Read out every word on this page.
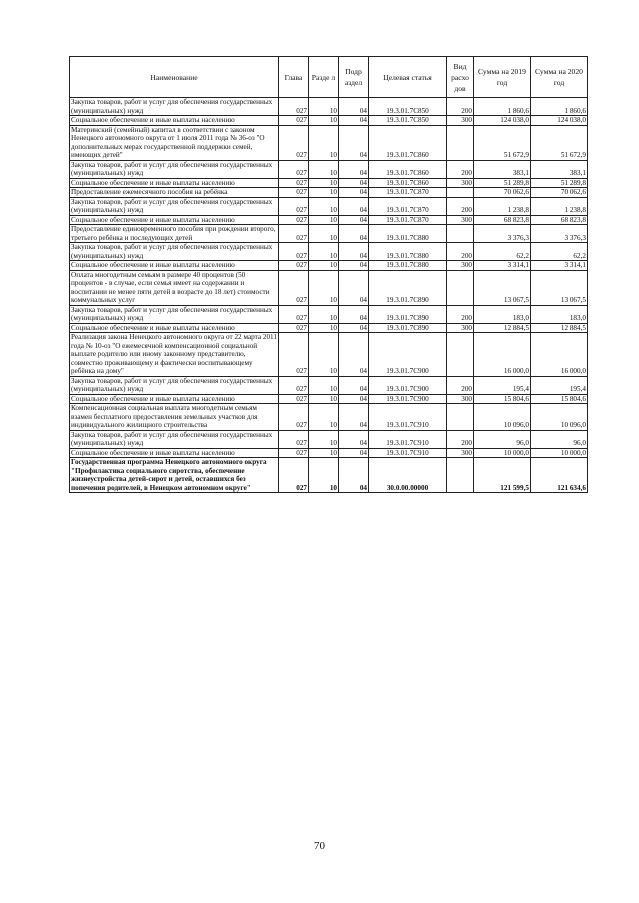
Наименование	Глава	Разде л	Подр аздел	Целевая статья	Вид расхо дов	Сумма на 2019 год	Сумма на 2020 год
Закупка товаров, работ и услуг для обеспечения государственных (муниципальных) нужд	027	10	04	19.3.01.7С850	200	1 860,6	1 860,6
Социальное обеспечение и иные выплаты населению	027	10	04	19.3.01.7С850	300	124 038,0	124 038,0
Материнский (семейный) капитал в соответствии с законом Ненецкого автономного округа от 1 июля 2011 года № 36-оз "О дополнительных мерах государственной поддержки семей, имеющих детей"	027	10	04	19.3.01.7С860		51 672,9	51 672,9
Закупка товаров, работ и услуг для обеспечения государственных (муниципальных) нужд	027	10	04	19.3.01.7С860	200	383,1	383,1
Социальное обеспечение и иные выплаты населению	027	10	04	19.3.01.7С860	300	51 289,8	51 289,8
Предоставление ежемесячного пособия на ребёнка	027	10	04	19.3.01.7С870		70 062,6	70 062,6
Закупка товаров, работ и услуг для обеспечения государственных (муниципальных) нужд	027	10	04	19.3.01.7С870	200	1 238,8	1 238,8
Социальное обеспечение и иные выплаты населению	027	10	04	19.3.01.7С870	300	68 823,8	68 823,8
Предоставление единовременного пособия при рождении второго, третьего ребёнка и последующих детей	027	10	04	19.3.01.7С880		3 376,3	3 376,3
Закупка товаров, работ и услуг для обеспечения государственных (муниципальных) нужд	027	10	04	19.3.01.7С880	200	62,2	62,2
Социальное обеспечение и иные выплаты населению	027	10	04	19.3.01.7С880	300	3 314,1	3 314,1
Оплата многодетным семьям в размере 40 процентов (50 процентов - в случае, если семья имеет на содержании и воспитании не менее пяти детей в возрасте до 18 лет) стоимости коммунальных услуг	027	10	04	19.3.01.7С890		13 067,5	13 067,5
Закупка товаров, работ и услуг для обеспечения государственных (муниципальных) нужд	027	10	04	19.3.01.7С890	200	183,0	183,0
Социальное обеспечение и иные выплаты населению	027	10	04	19.3.01.7С890	300	12 884,5	12 884,5
Реализация закона Ненецкого автономного округа от 22 марта 2011 года № 10-оз "О ежемесячной компенсационной социальной выплате родителю или иному законному представителю, совместно проживающему и фактически воспитывающему ребёнка на дому"	027	10	04	19.3.01.7С900		16 000,0	16 000,0
Закупка товаров, работ и услуг для обеспечения государственных (муниципальных) нужд	027	10	04	19.3.01.7С900	200	195,4	195,4
Социальное обеспечение и иные выплаты населению	027	10	04	19.3.01.7С900	300	15 804,6	15 804,6
Компенсационная социальная выплата многодетным семьям взамен бесплатного предоставления земельных участков для индивидуального жилищного строительства	027	10	04	19.3.01.7С910		10 096,0	10 096,0
Закупка товаров, работ и услуг для обеспечения государственных (муниципальных) нужд	027	10	04	19.3.01.7С910	200	96,0	96,0
Социальное обеспечение и иные выплаты населению	027	10	04	19.3.01.7С910	300	10 000,0	10 000,0
Государственная программа Ненецкого автономного округа "Профилактика социального сиротства, обеспечение жизнеустройства детей-сирот и детей, оставшихся без попечения родителей, в Ненецком автономном округе"	027	10	04	30.0.00.00000		121 599,5	121 634,6
70
